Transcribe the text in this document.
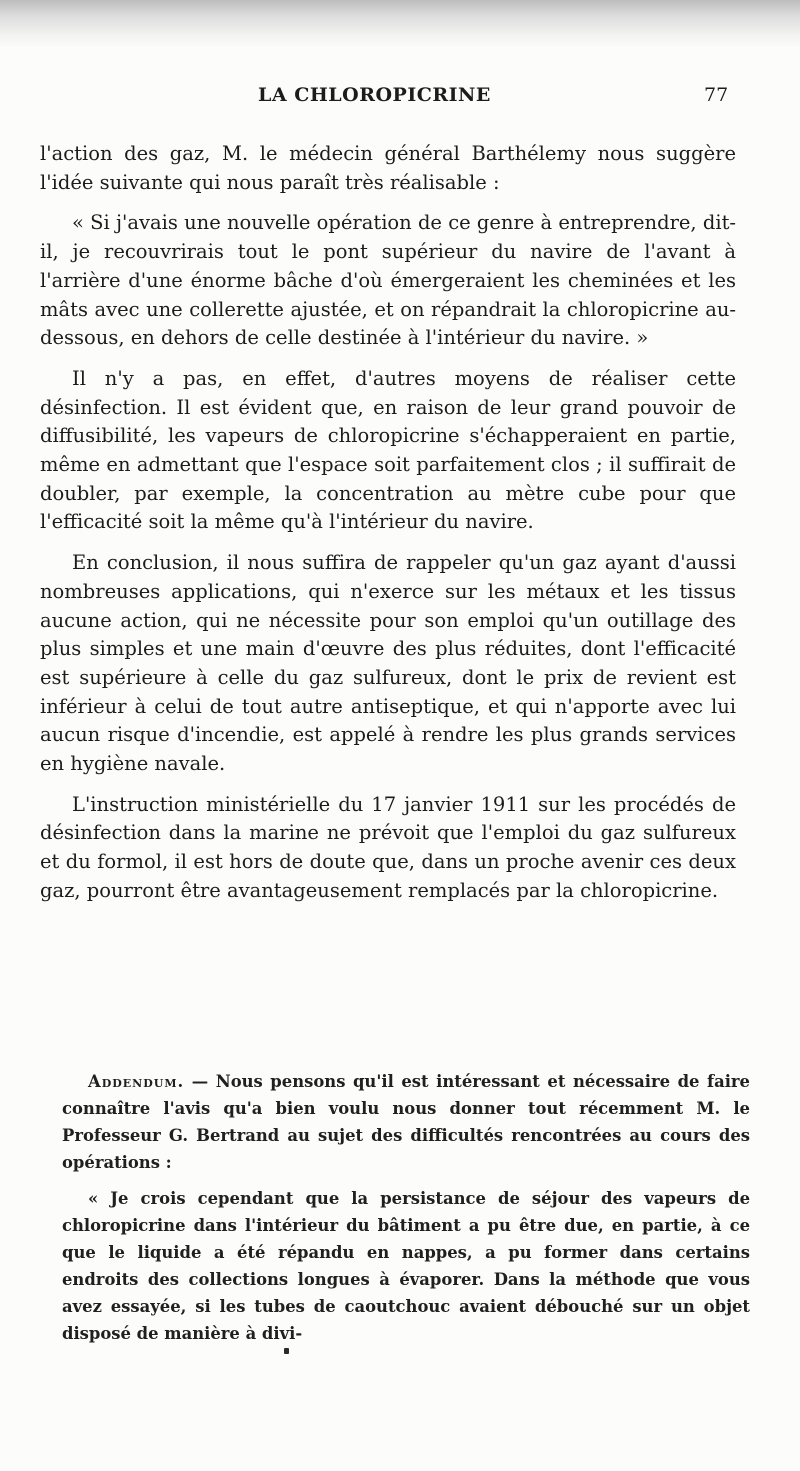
LA CHLOROPICRINE	77

l'action des gaz, M. le médecin général Barthélemy nous suggère l'idée suivante qui nous paraît très réalisable :

« Si j'avais une nouvelle opération de ce genre à entreprendre, dit-il, je recouvrirais tout le pont supérieur du navire de l'avant à l'arrière d'une énorme bâche d'où émergeraient les cheminées et les mâts avec une collerette ajustée, et on répandrait la chloropicrine au-dessous, en dehors de celle destinée à l'intérieur du navire. »

Il n'y a pas, en effet, d'autres moyens de réaliser cette désinfection. Il est évident que, en raison de leur grand pouvoir de diffusibilité, les vapeurs de chloropicrine s'échapperaient en partie, même en admettant que l'espace soit parfaitement clos ; il suffirait de doubler, par exemple, la concentration au mètre cube pour que l'efficacité soit la même qu'à l'intérieur du navire.

En conclusion, il nous suffira de rappeler qu'un gaz ayant d'aussi nombreuses applications, qui n'exerce sur les métaux et les tissus aucune action, qui ne nécessite pour son emploi qu'un outillage des plus simples et une main d'œuvre des plus réduites, dont l'efficacité est supérieure à celle du gaz sulfureux, dont le prix de revient est inférieur à celui de tout autre antiseptique, et qui n'apporte avec lui aucun risque d'incendie, est appelé à rendre les plus grands services en hygiène navale.

L'instruction ministérielle du 17 janvier 1911 sur les procédés de désinfection dans la marine ne prévoit que l'emploi du gaz sulfureux et du formol, il est hors de doute que, dans un proche avenir ces deux gaz, pourront être avantageusement remplacés par la chloropicrine.

Addendum. — Nous pensons qu'il est intéressant et nécessaire de faire connaître l'avis qu'a bien voulu nous donner tout récemment M. le Professeur G. Bertrand au sujet des difficultés rencontrées au cours des opérations :

« Je crois cependant que la persistance de séjour des vapeurs de chloropicrine dans l'intérieur du bâtiment a pu être due, en partie, à ce que le liquide a été répandu en nappes, a pu former dans certains endroits des collections longues à évaporer. Dans la méthode que vous avez essayée, si les tubes de caoutchouc avaient débouché sur un objet disposé de manière à divi-
